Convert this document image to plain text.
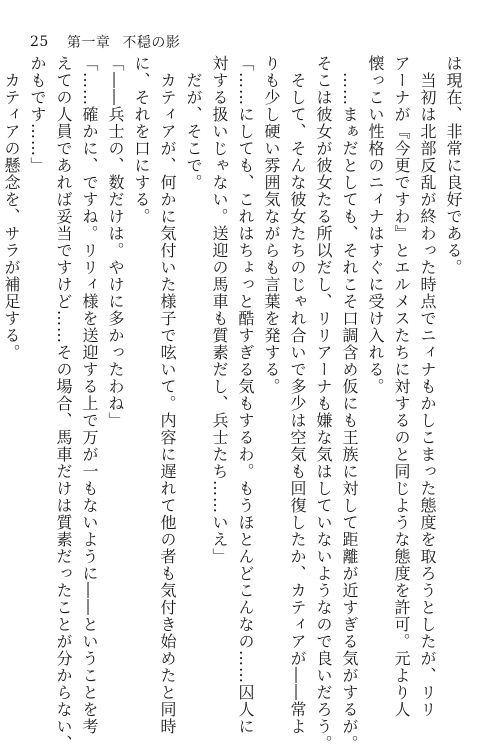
25 第一章 不穏の影
は現在、非常に良好である。
　当初は北部反乱が終わった時点でニィナもかしこまった態度を取ろうとしたが、リリ
アーナが『今更ですわ』とエルメスたちに対するのと同じような態度を許可。元より人
懐っこい性格のニィナはすぐに受け入れる。
　……まぁだとしても、それこそ口調含め仮にも王族に対して距離が近すぎる気がするが。
そこは彼女が彼女たる所以だし、リリアーナも嫌な気はしていないようなので良いだろう。
　そして、そんな彼女たちのじゃれ合いで多少は空気も回復したか、カティアが――常よ
りも少し硬い雰囲気ながらも言葉を発する。
「……にしても、これはちょっと酷すぎる気もするわ。もうほとんどこんなの……囚人に
対する扱いじゃない。送迎の馬車も質素だし、兵士たち……いえ」
　だが、そこで。
　カティアが、何かに気付いた様子で呟いて。内容に遅れて他の者も気付き始めたと同時
に、それを口にする。
「――兵士の、数だけは。やけに多かったわね」
「……確かに、ですね。リリィ様を送迎する上で万が一もないように――ということを考
えての人員であれば妥当ですけど……その場合、馬車だけは質素だったことが分からない、
かもです……」
　カティアの懸念を、サラが補足する。
